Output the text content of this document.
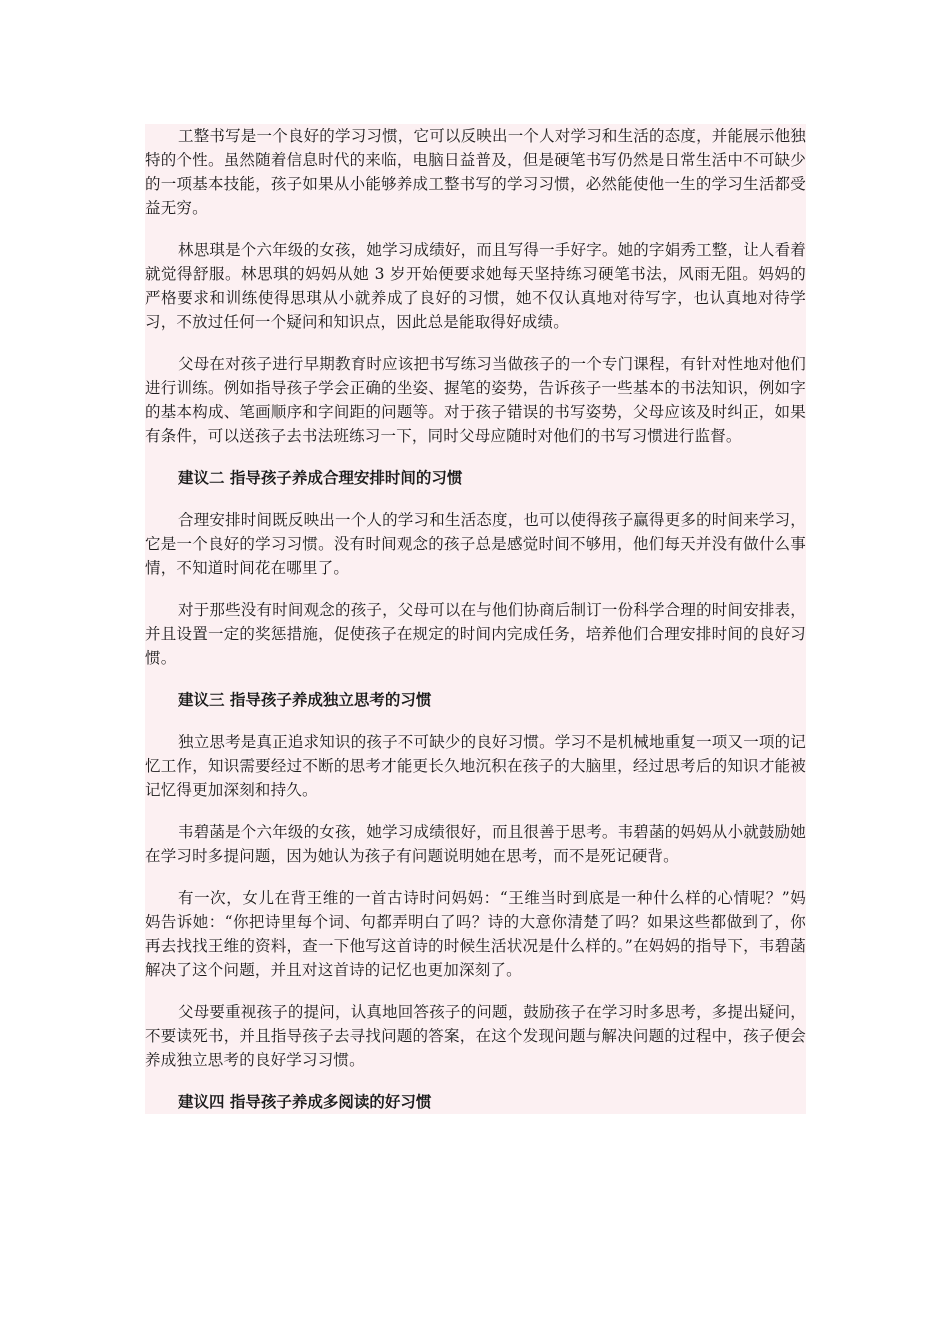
工整书写是一个良好的学习习惯，它可以反映出一个人对学习和生活的态度，并能展示他独特的个性。虽然随着信息时代的来临，电脑日益普及，但是硬笔书写仍然是日常生活中不可缺少的一项基本技能，孩子如果从小能够养成工整书写的学习习惯，必然能使他一生的学习生活都受益无穷。

林思琪是个六年级的女孩，她学习成绩好，而且写得一手好字。她的字娟秀工整，让人看着就觉得舒服。林思琪的妈妈从她 3 岁开始便要求她每天坚持练习硬笔书法，风雨无阻。妈妈的严格要求和训练使得思琪从小就养成了良好的习惯，她不仅认真地对待写字，也认真地对待学习，不放过任何一个疑问和知识点，因此总是能取得好成绩。

父母在对孩子进行早期教育时应该把书写练习当做孩子的一个专门课程，有针对性地对他们进行训练。例如指导孩子学会正确的坐姿、握笔的姿势，告诉孩子一些基本的书法知识，例如字的基本构成、笔画顺序和字间距的问题等。对于孩子错误的书写姿势，父母应该及时纠正，如果有条件，可以送孩子去书法班练习一下，同时父母应随时对他们的书写习惯进行监督。

建议二 指导孩子养成合理安排时间的习惯

合理安排时间既反映出一个人的学习和生活态度，也可以使得孩子赢得更多的时间来学习，它是一个良好的学习习惯。没有时间观念的孩子总是感觉时间不够用，他们每天并没有做什么事情，不知道时间花在哪里了。

对于那些没有时间观念的孩子，父母可以在与他们协商后制订一份科学合理的时间安排表，并且设置一定的奖惩措施，促使孩子在规定的时间内完成任务，培养他们合理安排时间的良好习惯。

建议三 指导孩子养成独立思考的习惯

独立思考是真正追求知识的孩子不可缺少的良好习惯。学习不是机械地重复一项又一项的记忆工作，知识需要经过不断的思考才能更长久地沉积在孩子的大脑里，经过思考后的知识才能被记忆得更加深刻和持久。

韦碧菡是个六年级的女孩，她学习成绩很好，而且很善于思考。韦碧菡的妈妈从小就鼓励她在学习时多提问题，因为她认为孩子有问题说明她在思考，而不是死记硬背。

有一次，女儿在背王维的一首古诗时问妈妈：“王维当时到底是一种什么样的心情呢？”妈妈告诉她：“你把诗里每个词、句都弄明白了吗？诗的大意你清楚了吗？如果这些都做到了，你再去找找王维的资料，查一下他写这首诗的时候生活状况是什么样的。”在妈妈的指导下，韦碧菡解决了这个问题，并且对这首诗的记忆也更加深刻了。

父母要重视孩子的提问，认真地回答孩子的问题，鼓励孩子在学习时多思考，多提出疑问，不要读死书，并且指导孩子去寻找问题的答案，在这个发现问题与解决问题的过程中，孩子便会养成独立思考的良好学习习惯。

建议四 指导孩子养成多阅读的好习惯
